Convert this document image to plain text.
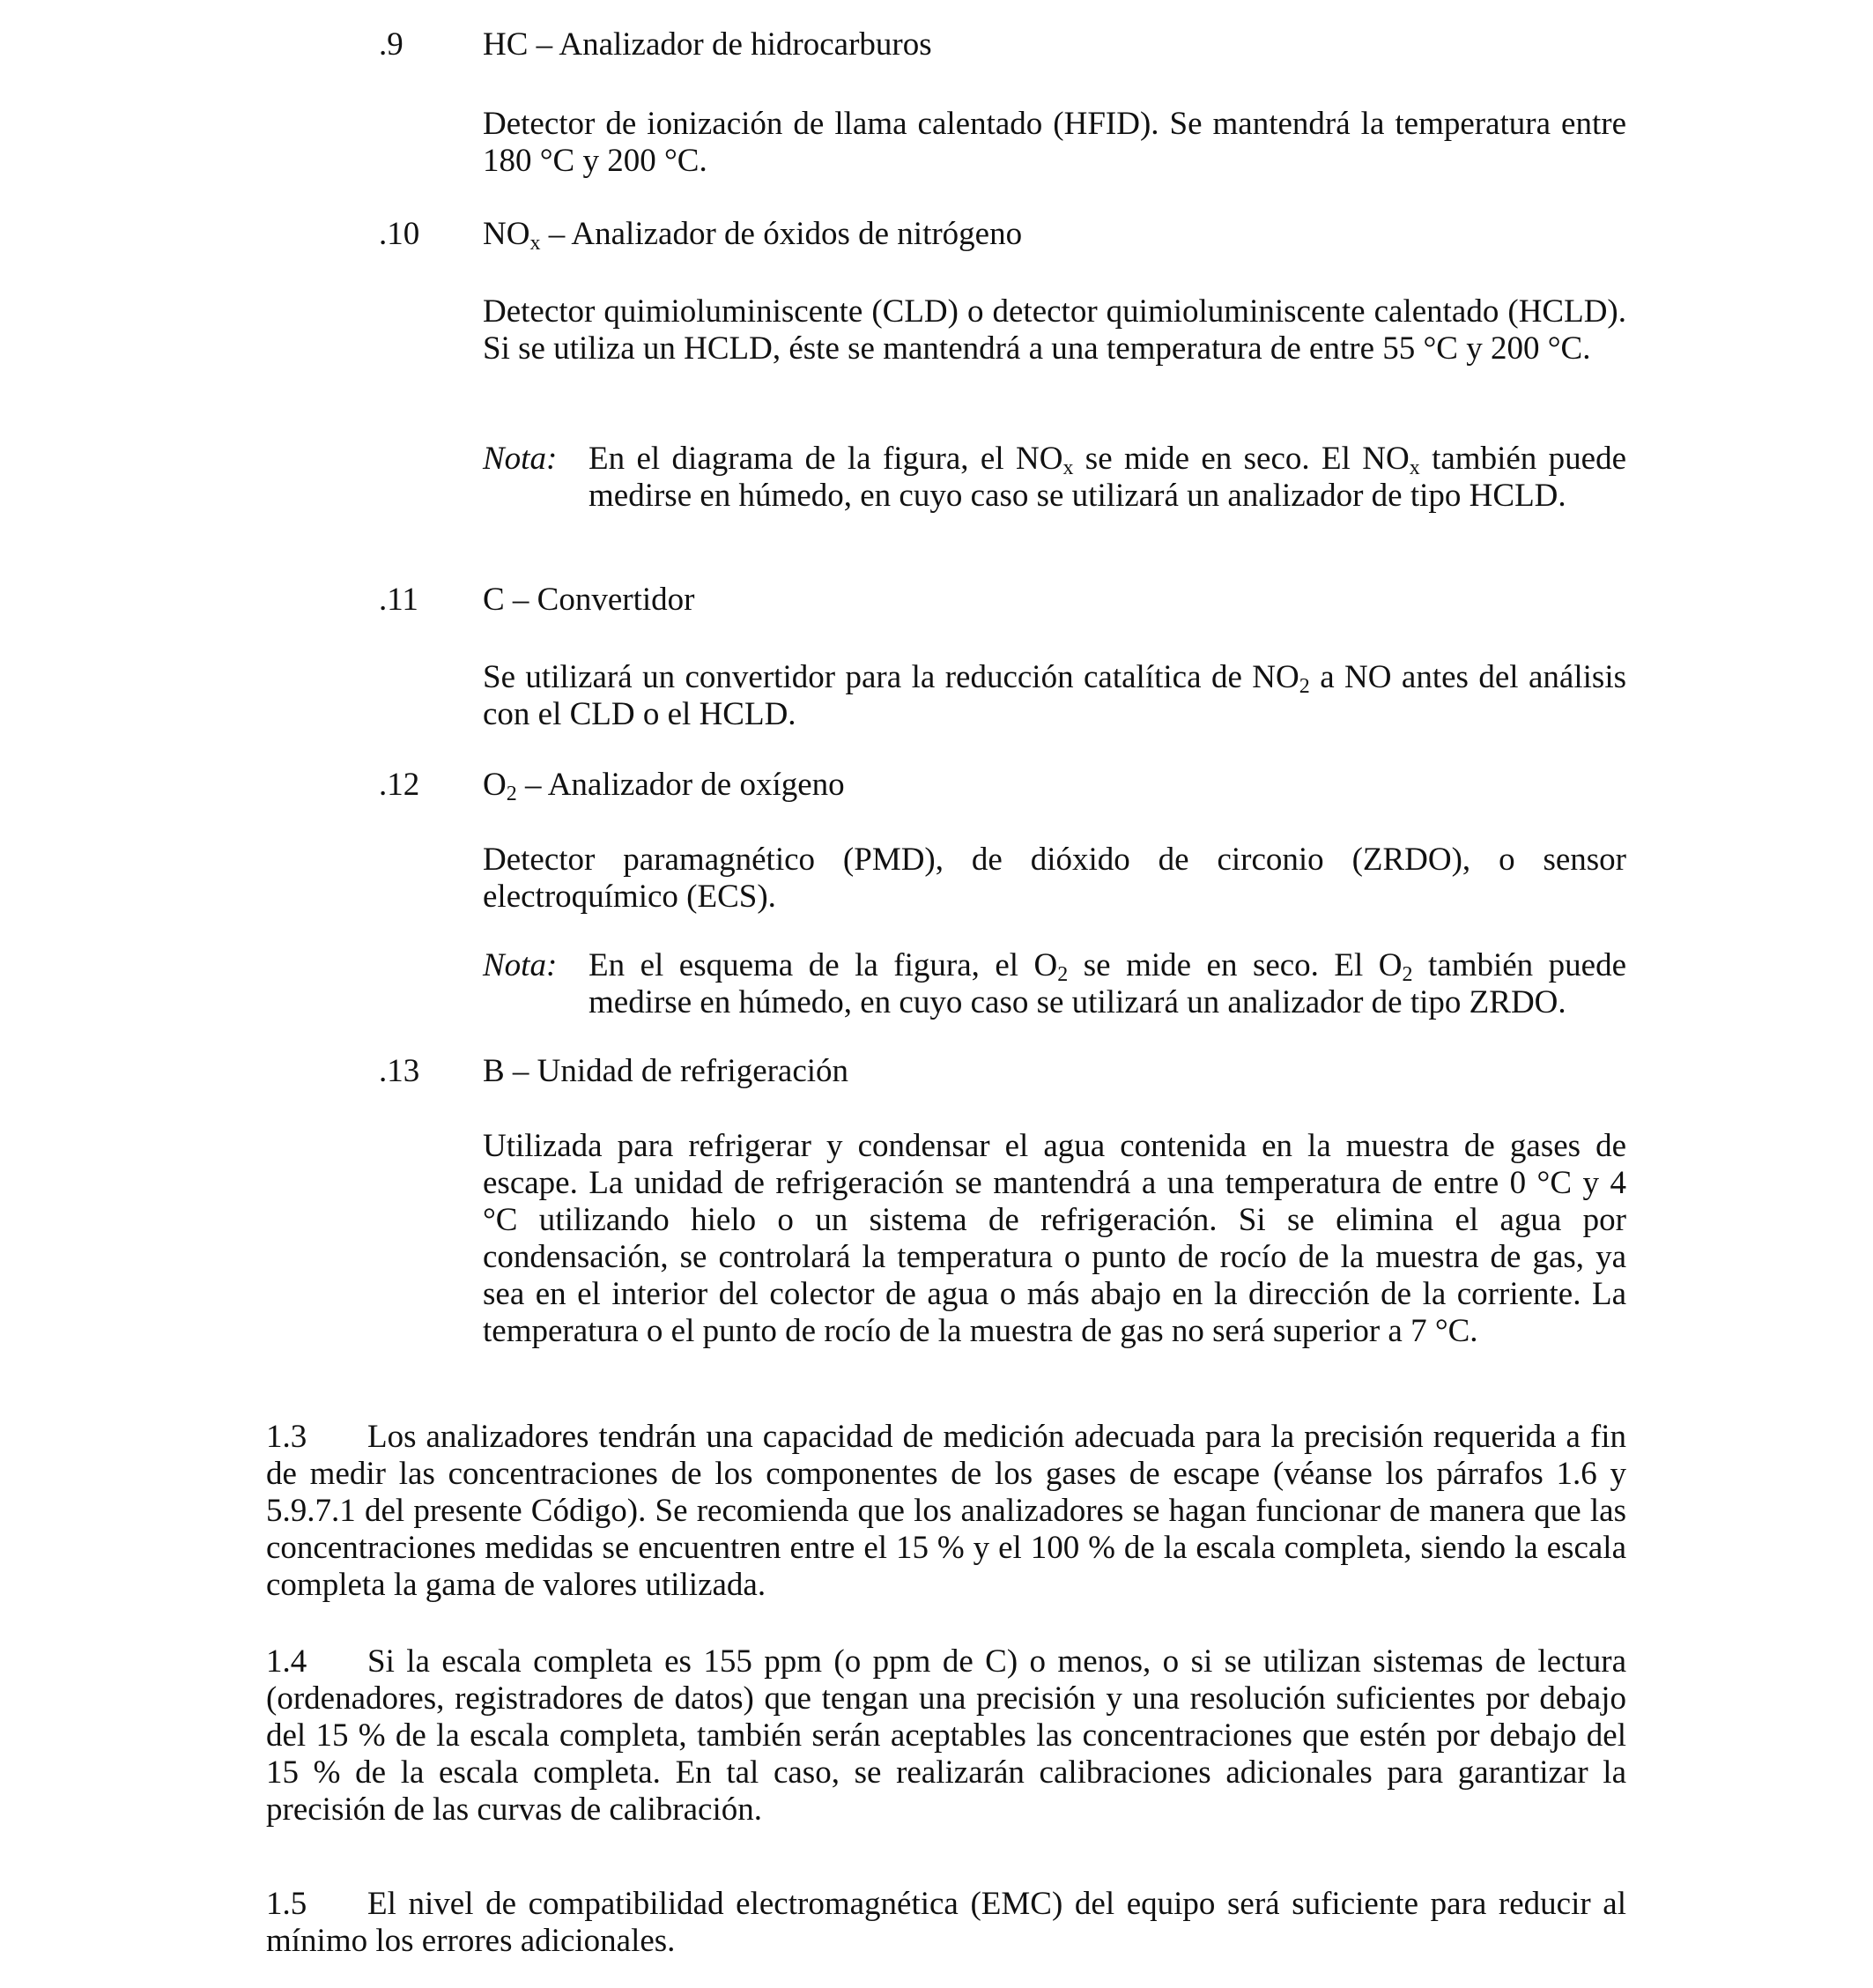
.9 HC – Analizador de hidrocarburos
Detector de ionización de llama calentado (HFID). Se mantendrá la temperatura entre 180 °C y 200 °C.
.10 $NO_x$ – Analizador de óxidos de nitrógeno
Detector quimioluminiscente (CLD) o detector quimioluminiscente calentado (HCLD). Si se utiliza un HCLD, éste se mantendrá a una temperatura de entre 55 °C y 200 °C.
Nota: En el diagrama de la figura, el $NO_x$ se mide en seco. El $NO_x$ también puede medirse en húmedo, en cuyo caso se utilizará un analizador de tipo HCLD.
.11 C – Convertidor
Se utilizará un convertidor para la reducción catalítica de $NO_2$ a NO antes del análisis con el CLD o el HCLD.
.12 $O_2$ – Analizador de oxígeno
Detector paramagnético (PMD), de dióxido de circonio (ZRDO), o sensor electroquímico (ECS).
Nota: En el esquema de la figura, el $O_2$ se mide en seco. El $O_2$ también puede medirse en húmedo, en cuyo caso se utilizará un analizador de tipo ZRDO.
.13 B – Unidad de refrigeración
Utilizada para refrigerar y condensar el agua contenida en la muestra de gases de escape. La unidad de refrigeración se mantendrá a una temperatura de entre 0 °C y 4 °C utilizando hielo o un sistema de refrigeración. Si se elimina el agua por condensación, se controlará la temperatura o punto de rocío de la muestra de gas, ya sea en el interior del colector de agua o más abajo en la dirección de la corriente. La temperatura o el punto de rocío de la muestra de gas no será superior a 7 °C.
1.3 Los analizadores tendrán una capacidad de medición adecuada para la precisión requerida a fin de medir las concentraciones de los componentes de los gases de escape (véanse los párrafos 1.6 y 5.9.7.1 del presente Código). Se recomienda que los analizadores se hagan funcionar de manera que las concentraciones medidas se encuentren entre el 15 % y el 100 % de la escala completa, siendo la escala completa la gama de valores utilizada.
1.4 Si la escala completa es 155 ppm (o ppm de C) o menos, o si se utilizan sistemas de lectura (ordenadores, registradores de datos) que tengan una precisión y una resolución suficientes por debajo del 15 % de la escala completa, también serán aceptables las concentraciones que estén por debajo del 15 % de la escala completa. En tal caso, se realizarán calibraciones adicionales para garantizar la precisión de las curvas de calibración.
1.5 El nivel de compatibilidad electromagnética (EMC) del equipo será suficiente para reducir al mínimo los errores adicionales.
